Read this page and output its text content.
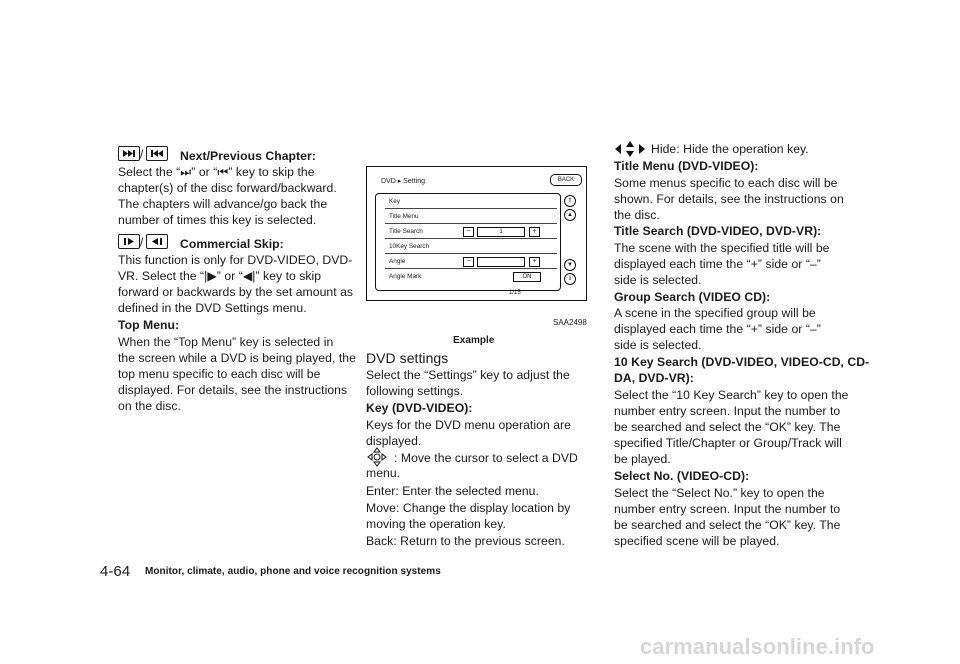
/	Next/Previous Chapter:

Select the “⏭” or “⏮” key to skip the

chapter(s) of the disc forward/backward.

The chapters will advance/go back the

number of times this key is selected.

/	Commercial Skip:

This function is only for DVD-VIDEO, DVD-

VR. Select the “|▶” or “◀|” key to skip

forward or backwards by the set amount as

defined in the DVD Settings menu.

Top Menu:

When the “Top Menu” key is selected in

the screen while a DVD is being played, the

top menu specific to each disc will be

displayed. For details, see the instructions

on the disc.

DVD ▸ Setting	BACK
Key
Title Menu
Title Search	−	1	+
10Key Search
Angle	−	+
Angle Mark	ON
⇑
▲
▼
⇓
1/15
SAA2498
Example

DVD settings

Select the “Settings” key to adjust the

following settings.

Key (DVD-VIDEO):

Keys for the DVD menu operation are

displayed.

: Move the cursor to select a DVD

menu.

Enter: Enter the selected menu.

Move: Change the display location by

moving the operation key.

Back: Return to the previous screen.

Hide: Hide the operation key.

Title Menu (DVD-VIDEO):

Some menus specific to each disc will be

shown. For details, see the instructions on

the disc.

Title Search (DVD-VIDEO, DVD-VR):

The scene with the specified title will be

displayed each time the “+” side or “–”

side is selected.

Group Search (VIDEO CD):

A scene in the specified group will be

displayed each time the “+” side or “–”

side is selected.

10 Key Search (DVD-VIDEO, VIDEO-CD, CD-

DA, DVD-VR):

Select the “10 Key Search” key to open the

number entry screen. Input the number to

be searched and select the “OK” key. The

specified Title/Chapter or Group/Track will

be played.

Select No. (VIDEO-CD):

Select the “Select No.” key to open the

number entry screen. Input the number to

be searched and select the “OK” key. The

specified scene will be played.

4-64 Monitor, climate, audio, phone and voice recognition systems

carmanualsonline.info
